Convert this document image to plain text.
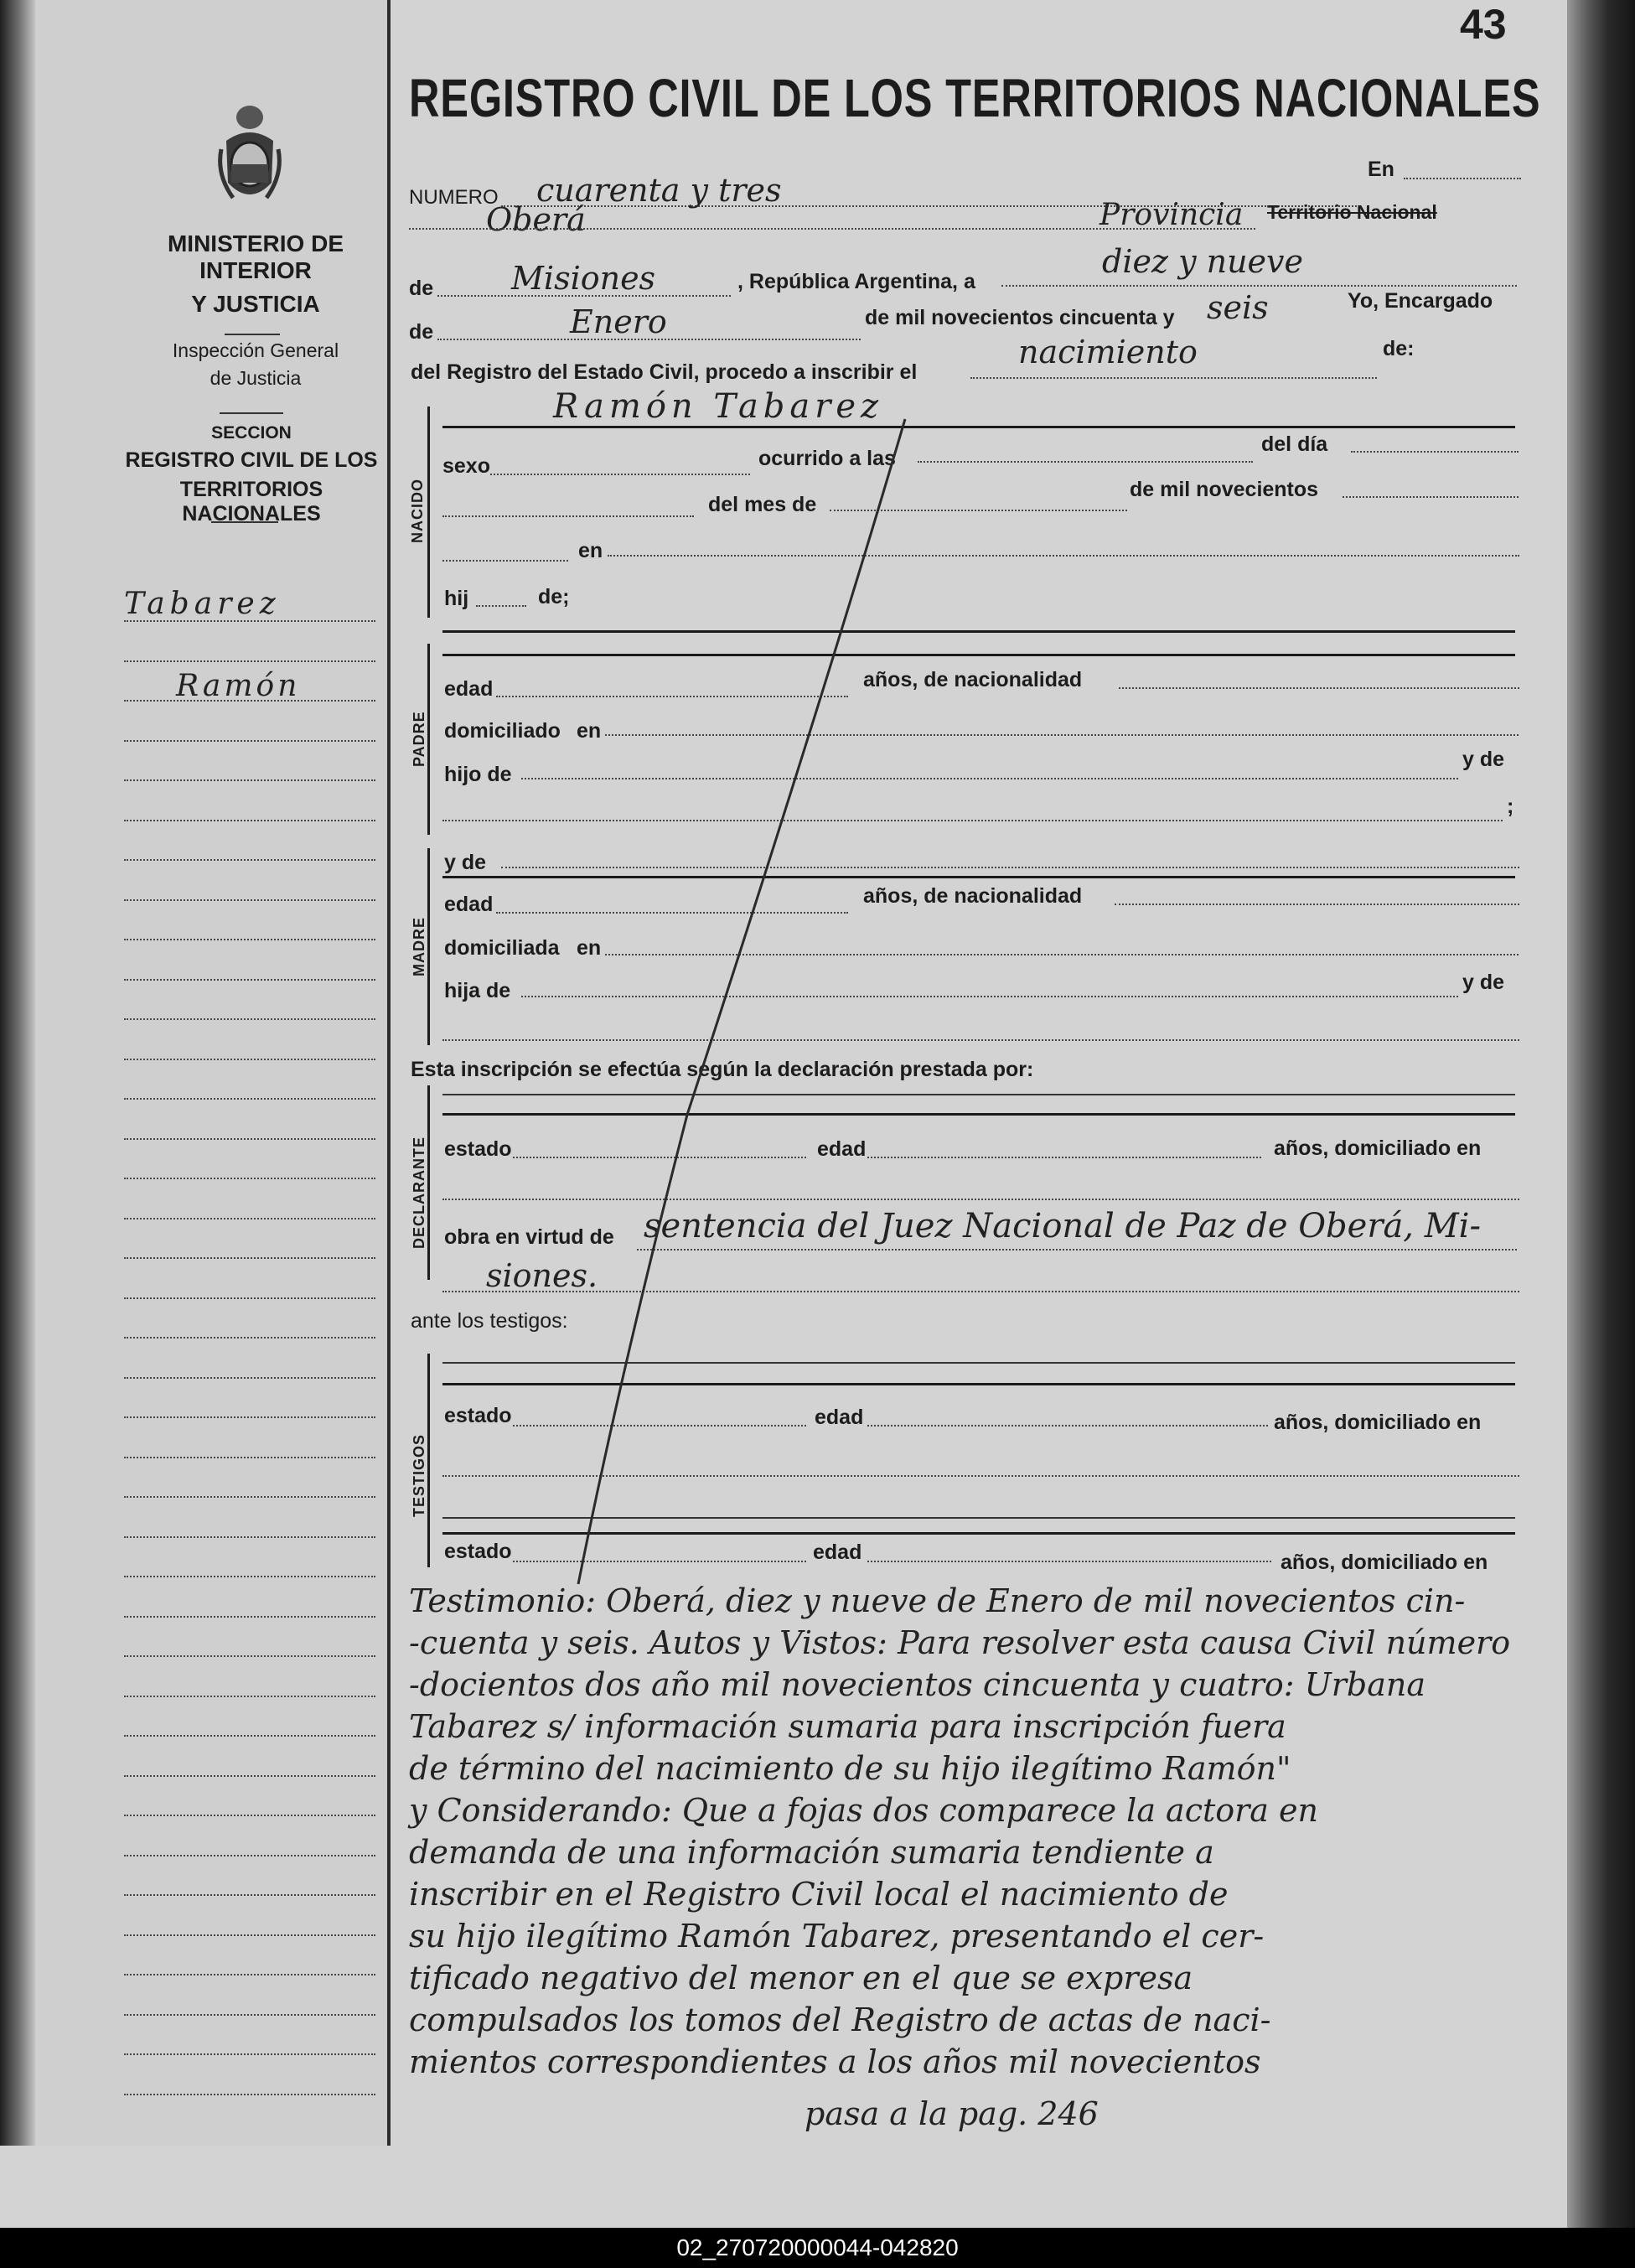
MINISTERIO DE INTERIOR
Y JUSTICIA
Inspección General
de Justicia
SECCION
REGISTRO CIVIL DE LOS
TERRITORIOS NACIONALES
Tabarez
Ramón
43
REGISTRO CIVIL DE LOS TERRITORIOS NACIONALES
NUMERO cuarenta y tres
En
Oberá	Provincia Territorio Nacional
de Misiones	, República Argentina, a
diez y nueve
de	Enero	de mil novecientos cincuenta y seis	Yo, Encargado
del Registro del Estado Civil, procedo a inscribir el
nacimiento	de:
Ramón Tabarez
NACIDO
sexo	ocurrido a las
del día
del mes de
de mil novecientos
en
hij	de;
PADRE
edad	años, de nacionalidad
domiciliado en
hijo de
y de
;
MADRE
y de
edad	años, de nacionalidad
domiciliada en
hija de	y de
Esta inscripción se efectúa según la declaración prestada por:
DECLARANTE estado	edad	años, domiciliado en
obra en virtud de sentencia del Juez Nacional de Paz de Oberá, Mi-
siones.
ante los testigos:
TESTIGOS
estado	edad	años, domiciliado en
estado	edad	años, domiciliado en
Testimonio: Oberá, diez y nueve de Enero de mil novecientos cin-
-cuenta y seis. Autos y Vistos: Para resolver esta causa Civil número
-docientos dos año mil novecientos cincuenta y cuatro: Urbana
Tabarez s/ información sumaria para inscripción fuera
de término del nacimiento de su hijo ilegítimo Ramón"
y Considerando: Que a fojas dos comparece la actora en
demanda de una información sumaria tendiente a
inscribir en el Registro Civil local el nacimiento de
su hijo ilegítimo Ramón Tabarez, presentando el cer-
tificado negativo del menor en el que se expresa
compulsados los tomos del Registro de actas de naci-
mientos correspondientes a los años mil novecientos
pasa a la pag. 246
02_270720000044-042820
